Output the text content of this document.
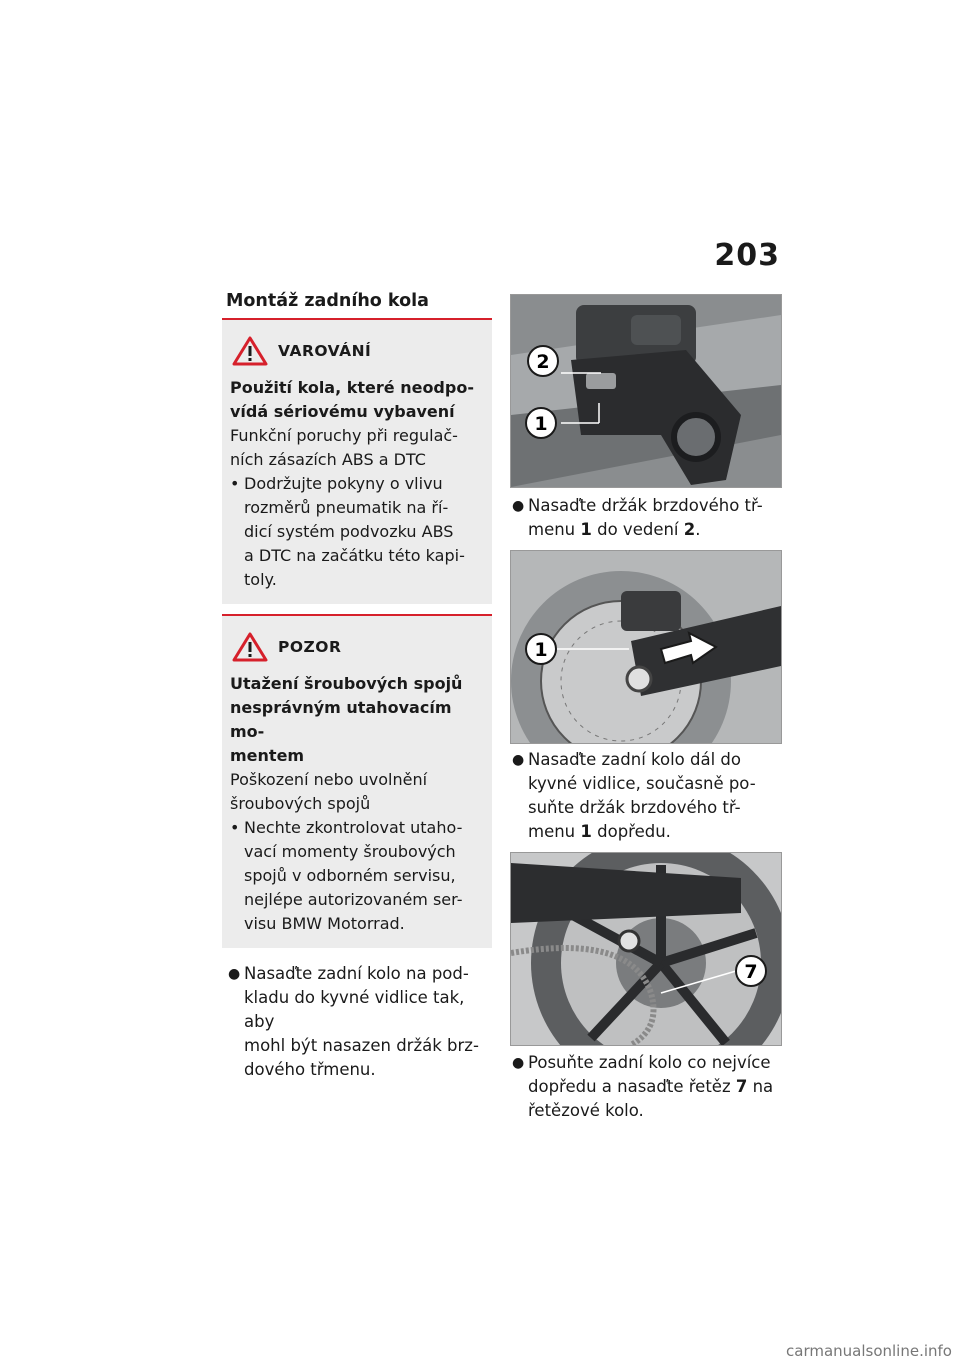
203
Montáž zadního kola
VAROVÁNÍ
Použití kola, které neodpo-
vídá sériovému vybavení
Funkční poruchy při regulač-
ních zásazích ABS a DTC
• Dodržujte pokyny o vlivu
rozměrů pneumatik na ří-
dicí systém podvozku ABS
a DTC na začátku této kapi-
toly.
POZOR
Utažení šroubových spojů
nesprávným utahovacím mo-
mentem
Poškození nebo uvolnění
šroubových spojů
• Nechte zkontrolovat utaho-
vací momenty šroubových
spojů v odborném servisu,
nejlépe autorizovaném ser-
visu BMW Motorrad.
● Nasaďte zadní kolo na pod-
kladu do kyvné vidlice tak, aby
mohl být nasazen držák brz-
dového třmenu.
2
1
● Nasaďte držák brzdového tř-
menu 1 do vedení 2.
1
● Nasaďte zadní kolo dál do
kyvné vidlice, současně po-
suňte držák brzdového tř-
menu 1 dopředu.
7
● Posuňte zadní kolo co nejvíce
dopředu a nasaďte řetěz 7 na
řetězové kolo.
carmanualsonline.info
